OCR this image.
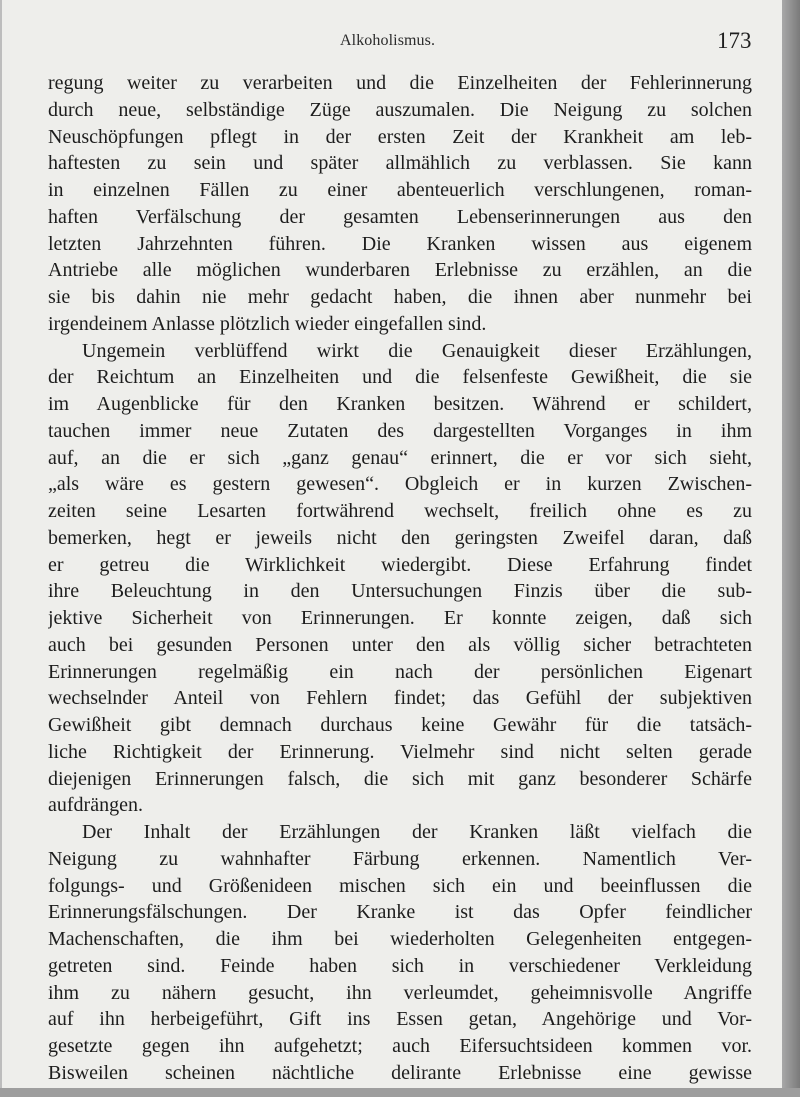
Alkoholismus.	173
regung weiter zu verarbeiten und die Einzelheiten der Fehlerinnerung
durch neue, selbständige Züge auszumalen. Die Neigung zu solchen
Neuschöpfungen pflegt in der ersten Zeit der Krankheit am leb-
haftesten zu sein und später allmählich zu verblassen. Sie kann
in einzelnen Fällen zu einer abenteuerlich verschlungenen, roman-
haften Verfälschung der gesamten Lebenserinnerungen aus den
letzten Jahrzehnten führen. Die Kranken wissen aus eigenem
Antriebe alle möglichen wunderbaren Erlebnisse zu erzählen, an die
sie bis dahin nie mehr gedacht haben, die ihnen aber nunmehr bei
irgendeinem Anlasse plötzlich wieder eingefallen sind.
Ungemein verblüffend wirkt die Genauigkeit dieser Erzählungen,
der Reichtum an Einzelheiten und die felsenfeste Gewißheit, die sie
im Augenblicke für den Kranken besitzen. Während er schildert,
tauchen immer neue Zutaten des dargestellten Vorganges in ihm
auf, an die er sich „ganz genau“ erinnert, die er vor sich sieht,
„als wäre es gestern gewesen“. Obgleich er in kurzen Zwischen-
zeiten seine Lesarten fortwährend wechselt, freilich ohne es zu
bemerken, hegt er jeweils nicht den geringsten Zweifel daran, daß
er getreu die Wirklichkeit wiedergibt. Diese Erfahrung findet
ihre Beleuchtung in den Untersuchungen Finzis über die sub-
jektive Sicherheit von Erinnerungen. Er konnte zeigen, daß sich
auch bei gesunden Personen unter den als völlig sicher betrachteten
Erinnerungen regelmäßig ein nach der persönlichen Eigenart
wechselnder Anteil von Fehlern findet; das Gefühl der subjektiven
Gewißheit gibt demnach durchaus keine Gewähr für die tatsäch-
liche Richtigkeit der Erinnerung. Vielmehr sind nicht selten gerade
diejenigen Erinnerungen falsch, die sich mit ganz besonderer Schärfe
aufdrängen.
Der Inhalt der Erzählungen der Kranken läßt vielfach die
Neigung zu wahnhafter Färbung erkennen. Namentlich Ver-
folgungs- und Größenideen mischen sich ein und beeinflussen die
Erinnerungsfälschungen. Der Kranke ist das Opfer feindlicher
Machenschaften, die ihm bei wiederholten Gelegenheiten entgegen-
getreten sind. Feinde haben sich in verschiedener Verkleidung
ihm zu nähern gesucht, ihn verleumdet, geheimnisvolle Angriffe
auf ihn herbeigeführt, Gift ins Essen getan, Angehörige und Vor-
gesetzte gegen ihn aufgehetzt; auch Eifersuchtsideen kommen vor.
Bisweilen scheinen nächtliche delirante Erlebnisse eine gewisse
